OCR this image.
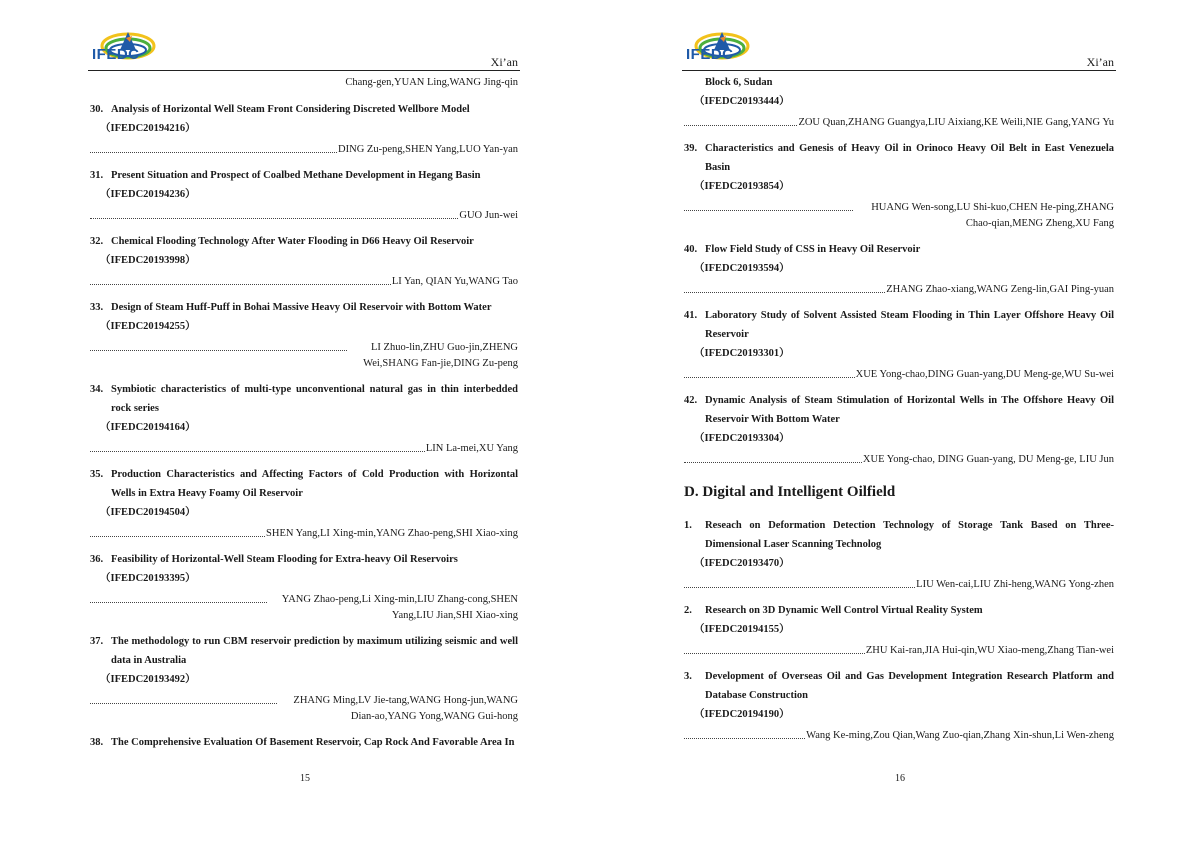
IFEDC	Xi’an
Chang-gen,YUAN Ling,WANG Jing-qin
30. Analysis of Horizontal Well Steam Front Considering Discreted Wellbore Model
（IFEDC20194216）
DING Zu-peng,SHEN Yang,LUO Yan-yan
31. Present Situation and Prospect of Coalbed Methane Development in Hegang Basin
（IFEDC20194236）
GUO Jun-wei
32. Chemical Flooding Technology After Water Flooding in D66 Heavy Oil Reservoir
（IFEDC20193998）
LI Yan, QIAN Yu,WANG Tao
33. Design of Steam Huff-Puff in Bohai Massive Heavy Oil Reservoir with Bottom Water
（IFEDC20194255）
LI Zhuo-lin,ZHU Guo-jin,ZHENG Wei,SHANG Fan-jie,DING Zu-peng
34. Symbiotic characteristics of multi-type unconventional natural gas in thin interbedded rock series
（IFEDC20194164）
LIN La-mei,XU Yang
35. Production Characteristics and Affecting Factors of Cold Production with Horizontal Wells in Extra Heavy Foamy Oil Reservoir
（IFEDC20194504）
SHEN Yang,LI Xing-min,YANG Zhao-peng,SHI Xiao-xing
36. Feasibility of Horizontal-Well Steam Flooding for Extra-heavy Oil Reservoirs
（IFEDC20193395）
YANG Zhao-peng,Li Xing-min,LIU Zhang-cong,SHEN Yang,LIU Jian,SHI Xiao-xing
37. The methodology to run CBM reservoir prediction by maximum utilizing seismic and well data in Australia
（IFEDC20193492）
ZHANG Ming,LV Jie-tang,WANG Hong-jun,WANG Dian-ao,YANG Yong,WANG Gui-hong
38. The Comprehensive Evaluation Of Basement Reservoir, Cap Rock And Favorable Area In
15
IFEDC	Xi’an
Block 6, Sudan
（IFEDC20193444）
ZOU Quan,ZHANG Guangya,LIU Aixiang,KE Weili,NIE Gang,YANG Yu
39. Characteristics and Genesis of Heavy Oil in Orinoco Heavy Oil Belt in East Venezuela Basin
（IFEDC20193854）
HUANG Wen-song,LU Shi-kuo,CHEN He-ping,ZHANG Chao-qian,MENG Zheng,XU Fang
40. Flow Field Study of CSS in Heavy Oil Reservoir
（IFEDC20193594）
ZHANG Zhao-xiang,WANG Zeng-lin,GAI Ping-yuan
41. Laboratory Study of Solvent Assisted Steam Flooding in Thin Layer Offshore Heavy Oil Reservoir
（IFEDC20193301）
XUE Yong-chao,DING Guan-yang,DU Meng-ge,WU Su-wei
42. Dynamic Analysis of Steam Stimulation of Horizontal Wells in The Offshore Heavy Oil Reservoir With Bottom Water
（IFEDC20193304）
XUE Yong-chao, DING Guan-yang, DU Meng-ge, LIU Jun
D. Digital and Intelligent Oilfield
1.	Reseach on Deformation Detection Technology of Storage Tank Based on Three-Dimensional Laser Scanning Technolog
（IFEDC20193470）
LIU Wen-cai,LIU Zhi-heng,WANG Yong-zhen
2.	Research on 3D Dynamic Well Control Virtual Reality System
（IFEDC20194155）
ZHU Kai-ran,JIA Hui-qin,WU Xiao-meng,Zhang Tian-wei
3.	Development of Overseas Oil and Gas Development Integration Research Platform and Database Construction
（IFEDC20194190）
Wang Ke-ming,Zou Qian,Wang Zuo-qian,Zhang Xin-shun,Li Wen-zheng
16
